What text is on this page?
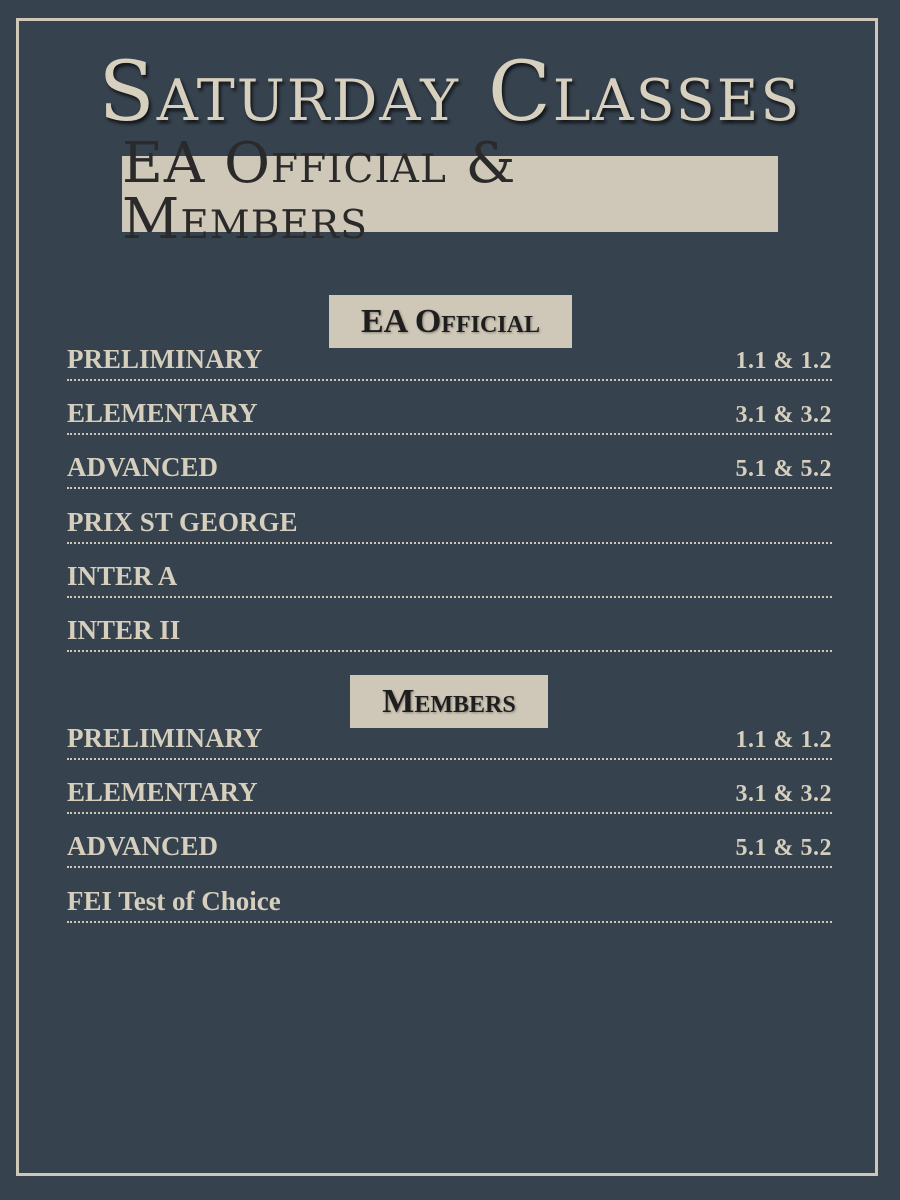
Saturday Classes
EA Official & Members
EA Official
PRELIMINARY	1.1 & 1.2
ELEMENTARY	3.1 & 3.2
ADVANCED	5.1 & 5.2
PRIX ST GEORGE
INTER A
INTER II
Members
PRELIMINARY	1.1 & 1.2
ELEMENTARY	3.1 & 3.2
ADVANCED	5.1 & 5.2
FEI Test of Choice
